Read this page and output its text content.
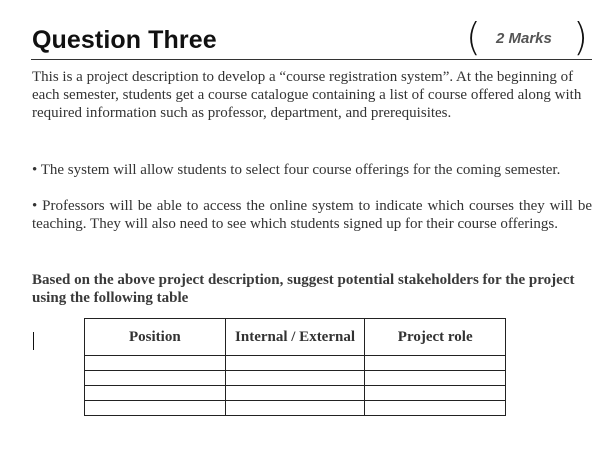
Question Three	( 2 Marks )

This is a project description to develop a “course registration system”. At the beginning of each semester, students get a course catalogue containing a list of course offered along with required information such as professor, department, and prerequisites.

• The system will allow students to select four course offerings for the coming semester.

• Professors will be able to access the online system to indicate which courses they will be teaching. They will also need to see which students signed up for their course offerings.

Based on the above project description, suggest potential stakeholders for the project using the following table

Position	Internal / External	Project role
